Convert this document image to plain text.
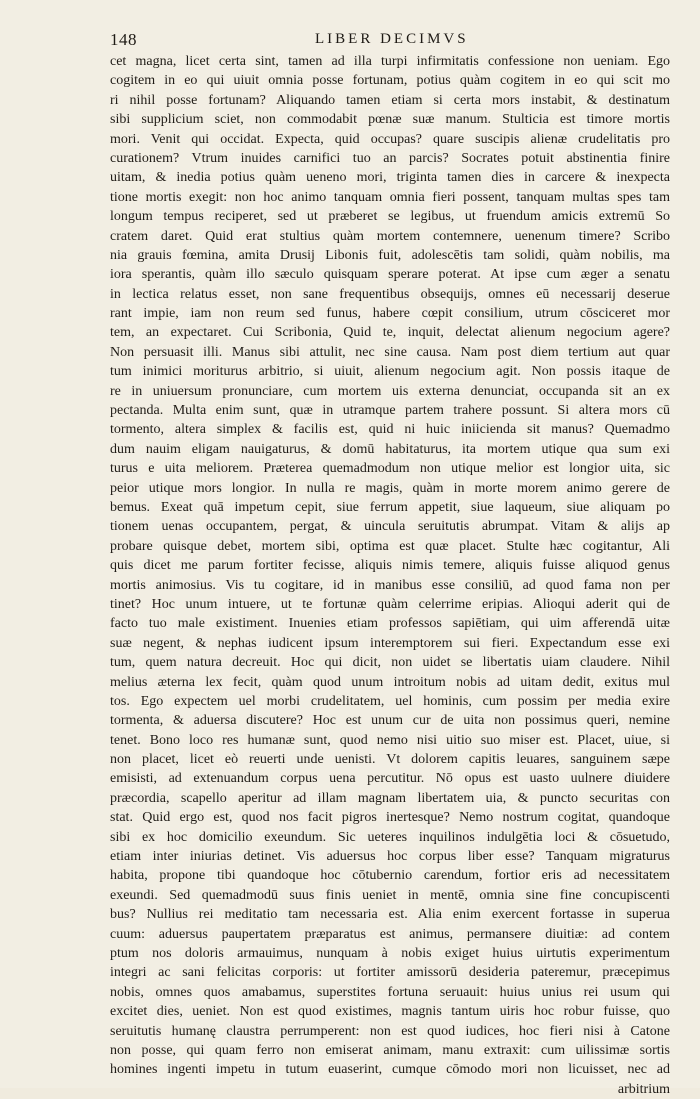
148	LIBER DECIMVS
cet magna, licet certa sint, tamen ad illa turpi infirmitatis confessione non ueniam. Ego
cogitem in eo qui uiuit omnia posse fortunam, potius quàm cogitem in eo qui scit mo
ri nihil posse fortunam? Aliquando tamen etiam si certa mors instabit, & destinatum
sibi supplicium sciet, non commodabit pœnæ suæ manum. Stulticia est timore mortis
mori. Venit qui occidat. Expecta, quid occupas? quare suscipis alienæ crudelitatis pro
curationem? Vtrum inuides carnifici tuo an parcis? Socrates potuit abstinentia finire
uitam, & inedia potius quàm ueneno mori, triginta tamen dies in carcere & inexpecta
tione mortis exegit: non hoc animo tanquam omnia fieri possent, tanquam multas spes tam
longum tempus reciperet, sed ut præberet se legibus, ut fruendum amicis extremū So
cratem daret. Quid erat stultius quàm mortem contemnere, uenenum timere? Scribo
nia grauis fœmina, amita Drusij Libonis fuit, adolescētis tam solidi, quàm nobilis, ma
iora sperantis, quàm illo sæculo quisquam sperare poterat. At ipse cum æger a senatu
in lectica relatus esset, non sane frequentibus obsequijs, omnes eū necessarij deserue
rant impie, iam non reum sed funus, habere cœpit consilium, utrum cōsciceret mor
tem, an expectaret. Cui Scribonia, Quid te, inquit, delectat alienum negocium agere?
Non persuasit illi. Manus sibi attulit, nec sine causa. Nam post diem tertium aut quar
tum inimici moriturus arbitrio, si uiuit, alienum negocium agit. Non possis itaque de
re in uniuersum pronunciare, cum mortem uis externa denunciat, occupanda sit an ex
pectanda. Multa enim sunt, quæ in utramque partem trahere possunt. Si altera mors cū
tormento, altera simplex & facilis est, quid ni huic iniicienda sit manus? Quemadmo
dum nauim eligam nauigaturus, & domū habitaturus, ita mortem utique qua sum exi
turus e uita meliorem. Præterea quemadmodum non utique melior est longior uita, sic
peior utique mors longior. In nulla re magis, quàm in morte morem animo gerere de
bemus. Exeat quā impetum cepit, siue ferrum appetit, siue laqueum, siue aliquam po
tionem uenas occupantem, pergat, & uincula seruitutis abrumpat. Vitam & alijs ap
probare quisque debet, mortem sibi, optima est quæ placet. Stulte hæc cogitantur, Ali
quis dicet me parum fortiter fecisse, aliquis nimis temere, aliquis fuisse aliquod genus
mortis animosius. Vis tu cogitare, id in manibus esse consiliū, ad quod fama non per
tinet? Hoc unum intuere, ut te fortunæ quàm celerrime eripias. Alioqui aderit qui de
facto tuo male existiment. Inuenies etiam professos sapiētiam, qui uim afferendā uitæ
suæ negent, & nephas iudicent ipsum interemptorem sui fieri. Expectandum esse exi
tum, quem natura decreuit. Hoc qui dicit, non uidet se libertatis uiam claudere. Nihil
melius æterna lex fecit, quàm quod unum introitum nobis ad uitam dedit, exitus mul
tos. Ego expectem uel morbi crudelitatem, uel hominis, cum possim per media exire
tormenta, & aduersa discutere? Hoc est unum cur de uita non possimus queri, nemine
tenet. Bono loco res humanæ sunt, quod nemo nisi uitio suo miser est. Placet, uiue, si
non placet, licet eò reuerti unde uenisti. Vt dolorem capitis leuares, sanguinem sæpe
emisisti, ad extenuandum corpus uena percutitur. Nō opus est uasto uulnere diuidere
præcordia, scapello aperitur ad illam magnam libertatem uia, & puncto securitas con
stat. Quid ergo est, quod nos facit pigros inertesque? Nemo nostrum cogitat, quandoque
sibi ex hoc domicilio exeundum. Sic ueteres inquilinos indulgētia loci & cōsuetudo,
etiam inter iniurias detinet. Vis aduersus hoc corpus liber esse? Tanquam migraturus
habita, propone tibi quandoque hoc cōtubernio carendum, fortior eris ad necessitatem
exeundi. Sed quemadmodū suus finis ueniet in mentē, omnia sine fine concupiscenti
bus? Nullius rei meditatio tam necessaria est. Alia enim exercent fortasse in superua
cuum: aduersus paupertatem præparatus est animus, permansere diuitiæ: ad contem
ptum nos doloris armauimus, nunquam à nobis exiget huius uirtutis experimentum
integri ac sani felicitas corporis: ut fortiter amissorū desideria pateremur, præcepimus
nobis, omnes quos amabamus, superstites fortuna seruauit: huius unius rei usum qui
excitet dies, ueniet. Non est quod existimes, magnis tantum uiris hoc robur fuisse, quo
seruitutis humanę claustra perrumperent: non est quod iudices, hoc fieri nisi à Catone
non posse, qui quam ferro non emiserat animam, manu extraxit: cum uilissimæ sortis
homines ingenti impetu in tutum euaserint, cumque cōmodo mori non licuisset, nec ad
arbitrium
